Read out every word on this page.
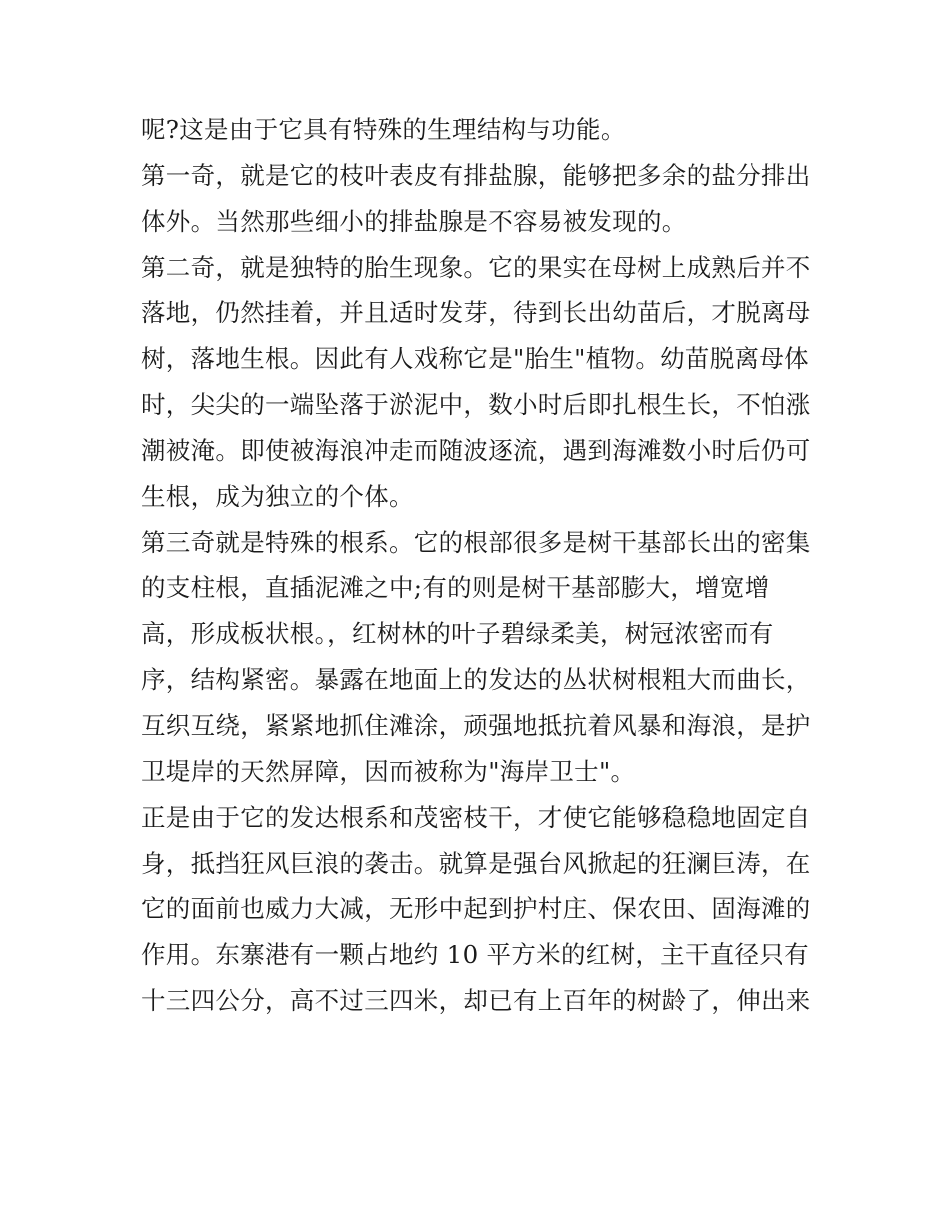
呢?这是由于它具有特殊的生理结构与功能。
第一奇，就是它的枝叶表皮有排盐腺，能够把多余的盐分排出
体外。当然那些细小的排盐腺是不容易被发现的。
第二奇，就是独特的胎生现象。它的果实在母树上成熟后并不
落地，仍然挂着，并且适时发芽，待到长出幼苗后，才脱离母
树，落地生根。因此有人戏称它是"胎生"植物。幼苗脱离母体
时，尖尖的一端坠落于淤泥中，数小时后即扎根生长，不怕涨
潮被淹。即使被海浪冲走而随波逐流，遇到海滩数小时后仍可
生根，成为独立的个体。
第三奇就是特殊的根系。它的根部很多是树干基部长出的密集
的支柱根，直插泥滩之中;有的则是树干基部膨大，增宽增
高，形成板状根。，红树林的叶子碧绿柔美，树冠浓密而有
序，结构紧密。暴露在地面上的发达的丛状树根粗大而曲长，
互织互绕，紧紧地抓住滩涂，顽强地抵抗着风暴和海浪，是护
卫堤岸的天然屏障，因而被称为"海岸卫士"。
正是由于它的发达根系和茂密枝干，才使它能够稳稳地固定自
身，抵挡狂风巨浪的袭击。就算是强台风掀起的狂澜巨涛，在
它的面前也威力大减，无形中起到护村庄、保农田、固海滩的
作用。东寨港有一颗占地约 10 平方米的红树，主干直径只有
十三四公分，高不过三四米，却已有上百年的树龄了，伸出来
